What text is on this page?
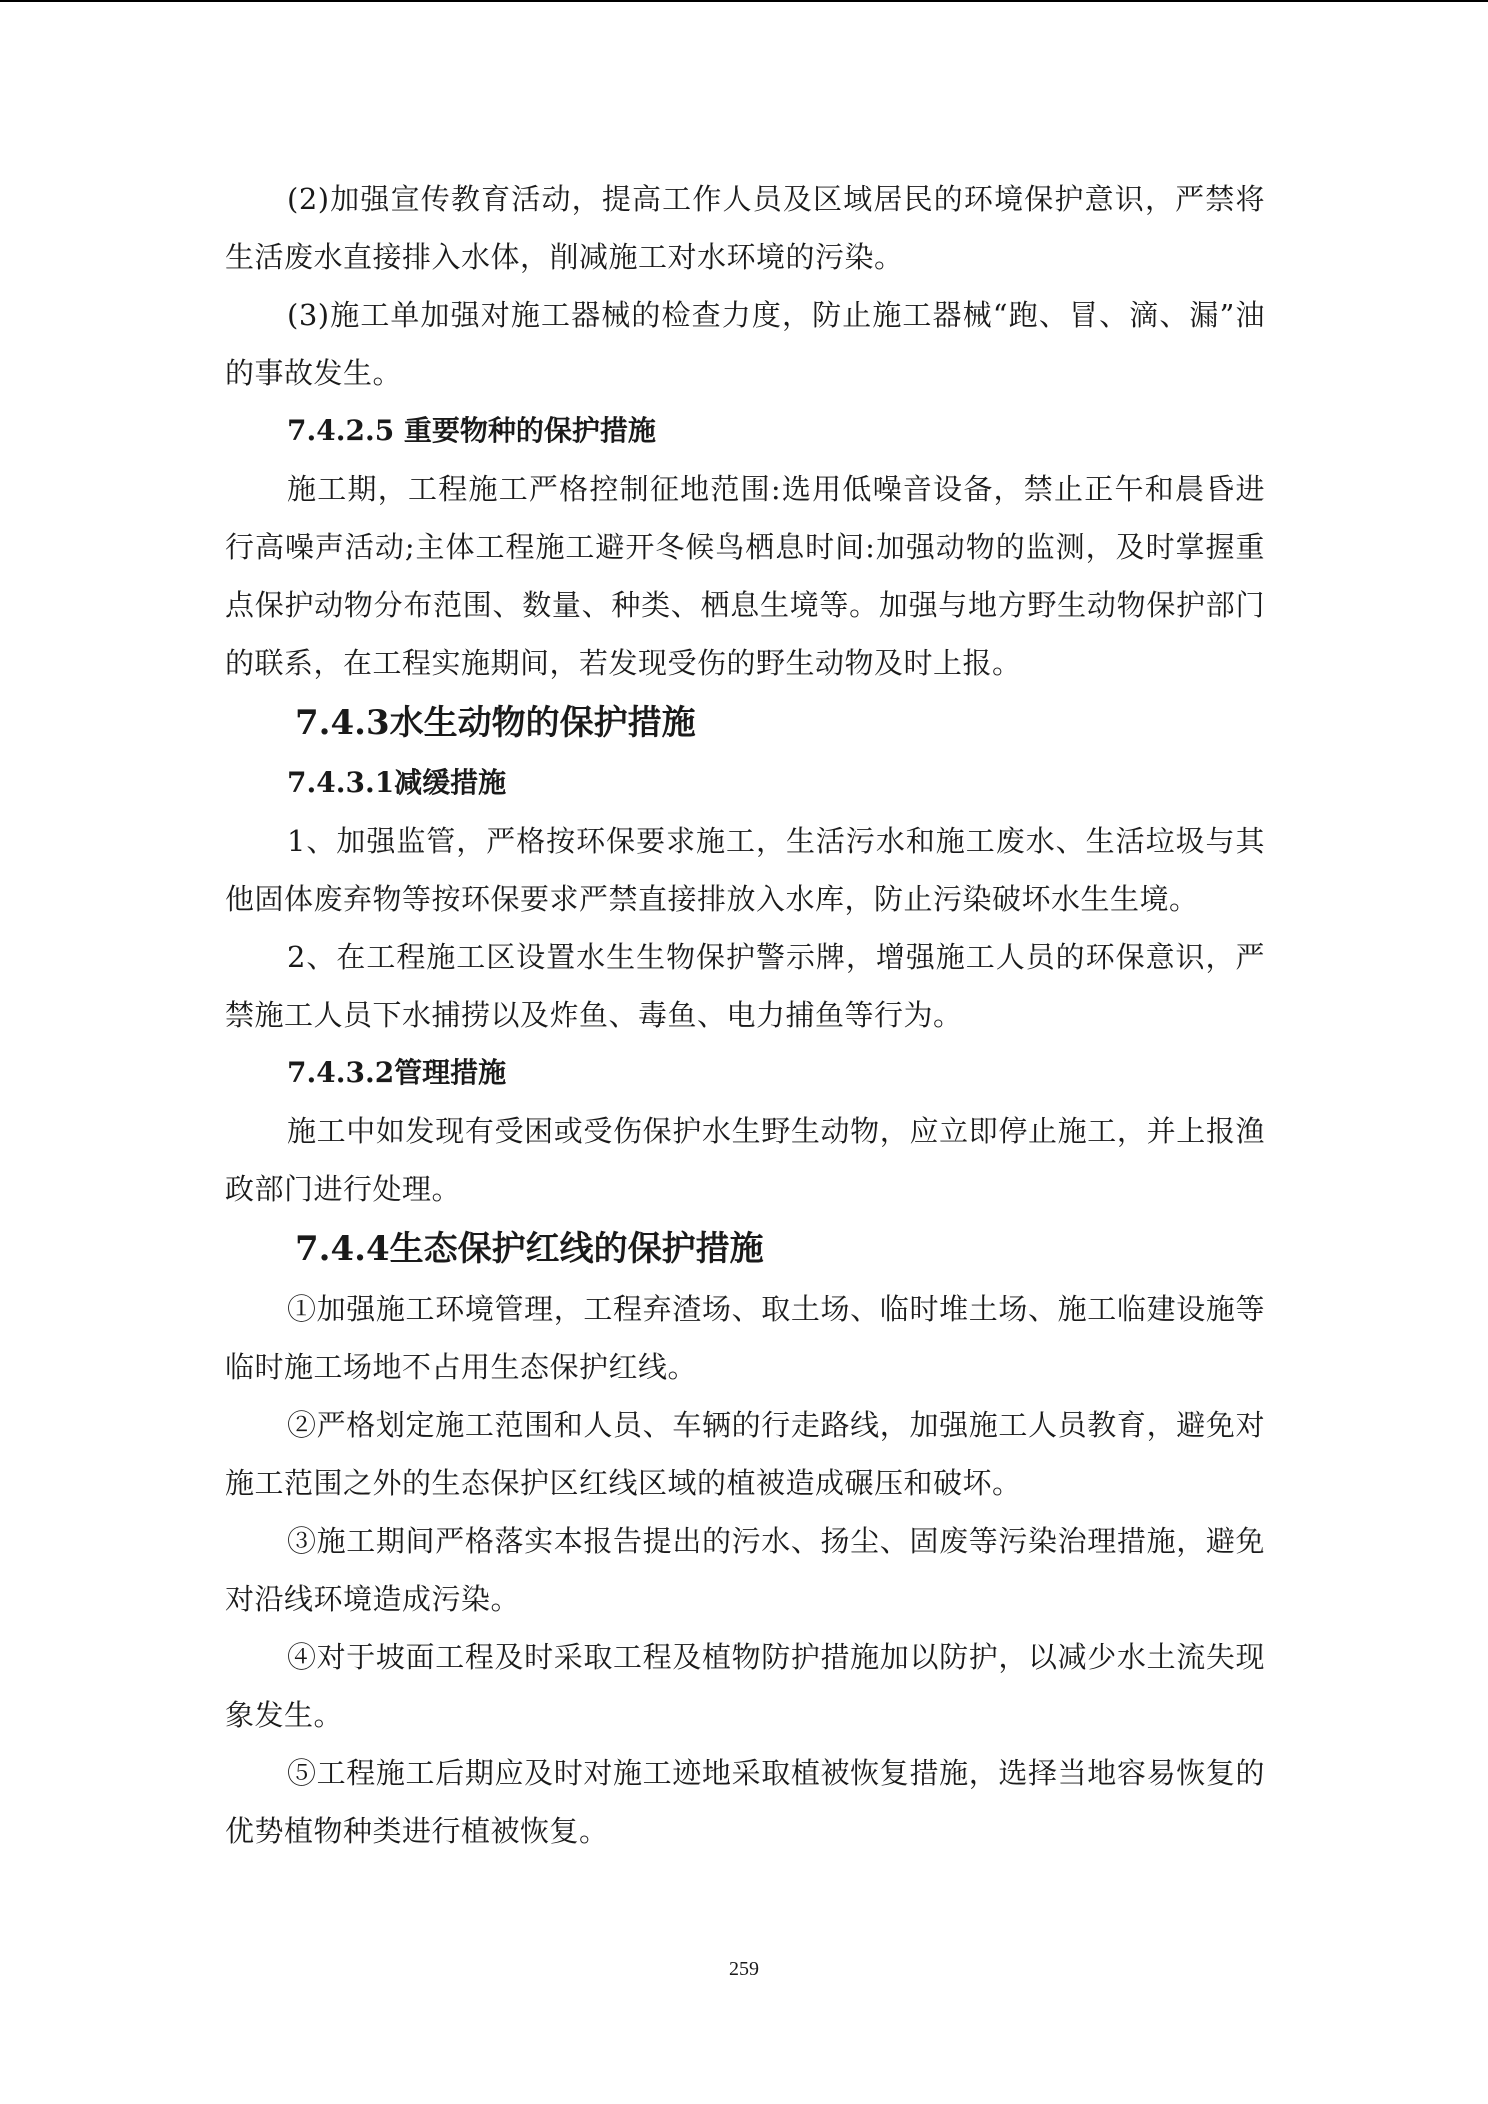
(2)加强宣传教育活动，提高工作人员及区域居民的环境保护意识，严禁将生活废水直接排入水体，削减施工对水环境的污染。

(3)施工单加强对施工器械的检查力度，防止施工器械“跑、冒、滴、漏”油的事故发生。

7.4.2.5 重要物种的保护措施

施工期，工程施工严格控制征地范围:选用低噪音设备，禁止正午和晨昏进行高噪声活动;主体工程施工避开冬候鸟栖息时间:加强动物的监测，及时掌握重点保护动物分布范围、数量、种类、栖息生境等。加强与地方野生动物保护部门的联系，在工程实施期间，若发现受伤的野生动物及时上报。

7.4.3水生动物的保护措施

7.4.3.1减缓措施

1、加强监管，严格按环保要求施工，生活污水和施工废水、生活垃圾与其他固体废弃物等按环保要求严禁直接排放入水库，防止污染破坏水生生境。

2、在工程施工区设置水生生物保护警示牌，增强施工人员的环保意识，严禁施工人员下水捕捞以及炸鱼、毒鱼、电力捕鱼等行为。

7.4.3.2管理措施

施工中如发现有受困或受伤保护水生野生动物，应立即停止施工，并上报渔政部门进行处理。

7.4.4生态保护红线的保护措施

①加强施工环境管理，工程弃渣场、取土场、临时堆土场、施工临建设施等临时施工场地不占用生态保护红线。

②严格划定施工范围和人员、车辆的行走路线，加强施工人员教育，避免对施工范围之外的生态保护区红线区域的植被造成碾压和破坏。

③施工期间严格落实本报告提出的污水、扬尘、固废等污染治理措施，避免对沿线环境造成污染。

④对于坡面工程及时采取工程及植物防护措施加以防护，以减少水土流失现象发生。

⑤工程施工后期应及时对施工迹地采取植被恢复措施，选择当地容易恢复的优势植物种类进行植被恢复。

259
